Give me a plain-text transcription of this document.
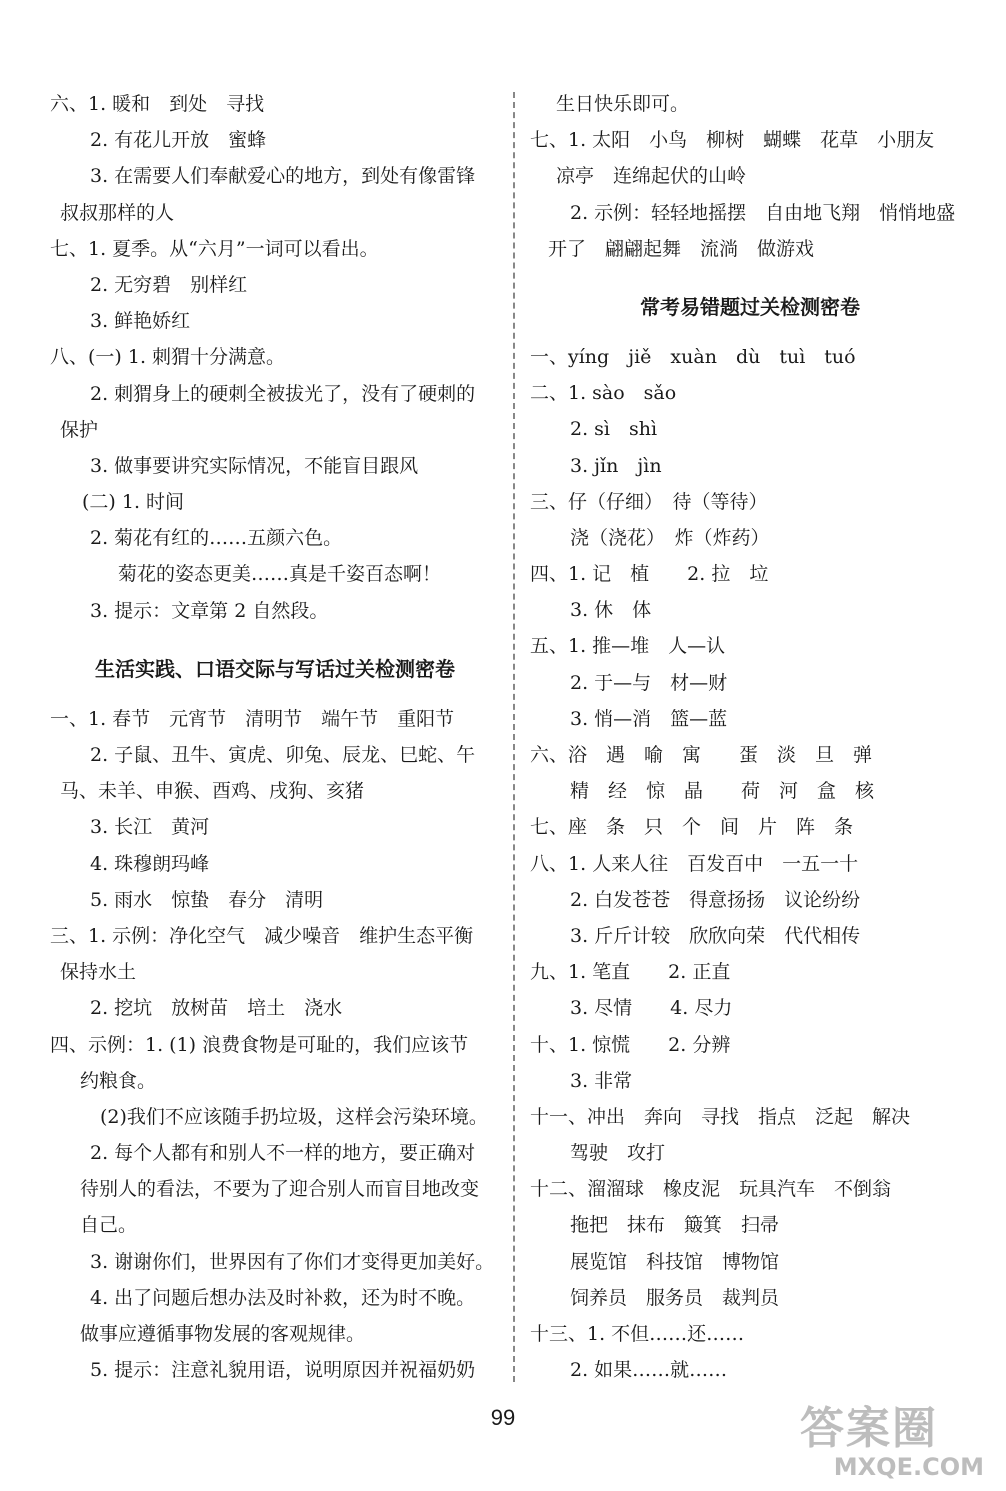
六、1. 暖和　到处　寻找
2. 有花儿开放　蜜蜂
3. 在需要人们奉献爱心的地方，到处有像雷锋
叔叔那样的人
七、1. 夏季。从“六月”一词可以看出。
2. 无穷碧　别样红
3. 鲜艳娇红
八、(一) 1. 刺猬十分满意。
2. 刺猬身上的硬刺全被拔光了，没有了硬刺的
保护
3. 做事要讲究实际情况，不能盲目跟风
(二) 1. 时间
2. 菊花有红的……五颜六色。
菊花的姿态更美……真是千姿百态啊！
3. 提示：文章第 2 自然段。
生活实践、口语交际与写话过关检测密卷
一、1. 春节　元宵节　清明节　端午节　重阳节
2. 子鼠、丑牛、寅虎、卯兔、辰龙、巳蛇、午
马、未羊、申猴、酉鸡、戌狗、亥猪
3. 长江　黄河
4. 珠穆朗玛峰
5. 雨水　惊蛰　春分　清明
三、1. 示例：净化空气　减少噪音　维护生态平衡
保持水土
2. 挖坑　放树苗　培土　浇水
四、示例：1. (1) 浪费食物是可耻的，我们应该节
约粮食。
(2)我们不应该随手扔垃圾，这样会污染环境。
2. 每个人都有和别人不一样的地方，要正确对
待别人的看法，不要为了迎合别人而盲目地改变
自己。
3. 谢谢你们，世界因有了你们才变得更加美好。
4. 出了问题后想办法及时补救，还为时不晚。
做事应遵循事物发展的客观规律。
5. 提示：注意礼貌用语，说明原因并祝福奶奶
生日快乐即可。
七、1. 太阳　小鸟　柳树　蝴蝶　花草　小朋友
凉亭　连绵起伏的山岭
2. 示例：轻轻地摇摆　自由地飞翔　悄悄地盛
开了　翩翩起舞　流淌　做游戏
常考易错题过关检测密卷
一、yíng　jiě　xuàn　dù　tuì　tuó
二、1. sào　sǎo
2. sì　shì
3. jǐn　jìn
三、仔（仔细）　待（等待）
浇（浇花）　炸（炸药）
四、1. 记　植　　2. 拉　垃
3. 休　体
五、1. 推—堆　人—认
2. 于—与　材—财
3. 悄—消　篮—蓝
六、浴　遇　喻　寓　　蛋　淡　旦　弹
精　经　惊　晶　　荷　河　盒　核
七、座　条　只　个　间　片　阵　条
八、1. 人来人往　百发百中　一五一十
2. 白发苍苍　得意扬扬　议论纷纷
3. 斤斤计较　欣欣向荣　代代相传
九、1. 笔直　　2. 正直
3. 尽情　　4. 尽力
十、1. 惊慌　　2. 分辨
3. 非常
十一、冲出　奔向　寻找　指点　泛起　解决
驾驶　攻打
十二、溜溜球　橡皮泥　玩具汽车　不倒翁
拖把　抹布　簸箕　扫帚
展览馆　科技馆　博物馆
饲养员　服务员　裁判员
十三、1. 不但……还……
2. 如果……就……
99	答案圈
MXQE.COM
